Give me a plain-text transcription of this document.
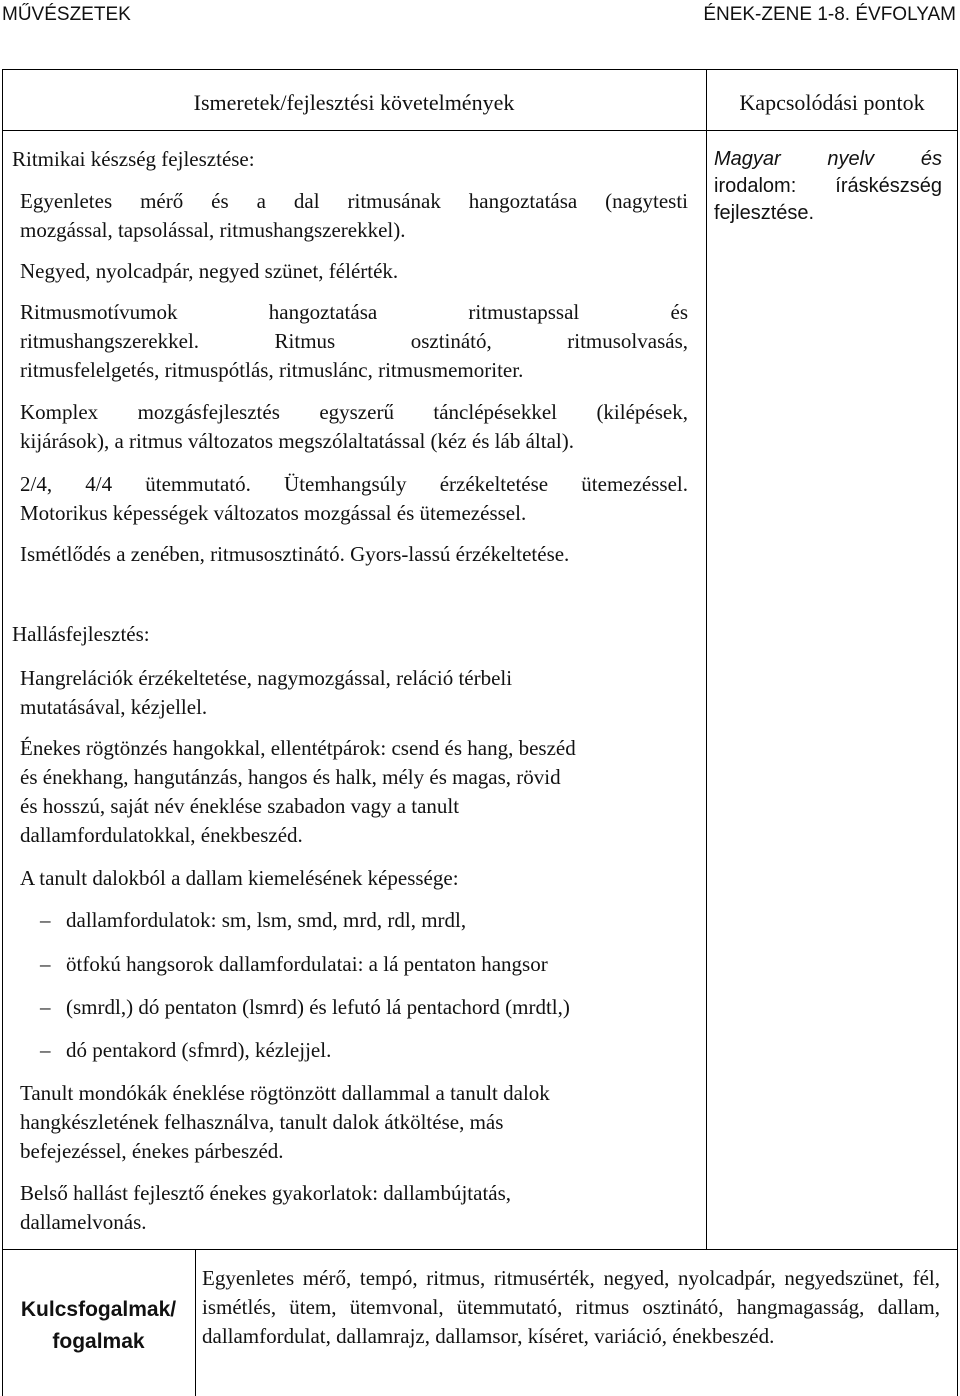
MŰVÉSZETEK	ÉNEK-ZENE 1-8. ÉVFOLYAM
Ismeretek/fejlesztési követelmények	Kapcsolódási pontok
Ritmikai készség fejlesztése:
Egyenletes mérő és a dal ritmusának hangoztatása (nagytesti
mozgással, tapsolással, ritmushangszerekkel).
Negyed, nyolcadpár, negyed szünet, félérték.
Ritmusmotívumok hangoztatása ritmustapssal és
ritmushangszerekkel. Ritmus osztinátó, ritmusolvasás,
ritmusfelelgetés, ritmuspótlás, ritmuslánc, ritmusmemoriter.
Komplex mozgásfejlesztés egyszerű tánclépésekkel (kilépések,
kijárások), a ritmus változatos megszólaltatással (kéz és láb által).
2/4, 4/4 ütemmutató. Ütemhangsúly érzékeltetése ütemezéssel.
Motorikus képességek változatos mozgással és ütemezéssel.
Ismétlődés a zenében, ritmusosztinátó. Gyors-lassú érzékeltetése.
Hallásfejlesztés:
Hangrelációk érzékeltetése, nagymozgással, reláció térbeli
mutatásával, kézjellel.
Énekes rögtönzés hangokkal, ellentétpárok: csend és hang, beszéd
és énekhang, hangutánzás, hangos és halk, mély és magas, rövid
és hosszú, saját név éneklése szabadon vagy a tanult
dallamfordulatokkal, énekbeszéd.
A tanult dalokból a dallam kiemelésének képessége:
– dallamfordulatok: sm, lsm, smd, mrd, rdl, mrdl,
– ötfokú hangsorok dallamfordulatai: a lá pentaton hangsor
– (smrdl,) dó pentaton (lsmrd) és lefutó lá pentachord (mrdtl,)
– dó pentakord (sfmrd), kézlejjel.
Tanult mondókák éneklése rögtönzött dallammal a tanult dalok
hangkészletének felhasználva, tanult dalok átköltése, más
befejezéssel, énekes párbeszéd.
Belső hallást fejlesztő énekes gyakorlatok: dallambújtatás,
dallamelvonás.
Magyar nyelv és
irodalom: íráskészség
fejlesztése.
Kulcsfogalmak/
fogalmak
Egyenletes mérő, tempó, ritmus, ritmusérték, negyed, nyolcadpár, negyedszünet, fél, ismétlés, ütem, ütemvonal, ütemmutató, ritmus osztinátó, hangmagasság, dallam, dallamfordulat, dallamrajz, dallamsor, kíséret, variáció, énekbeszéd.
